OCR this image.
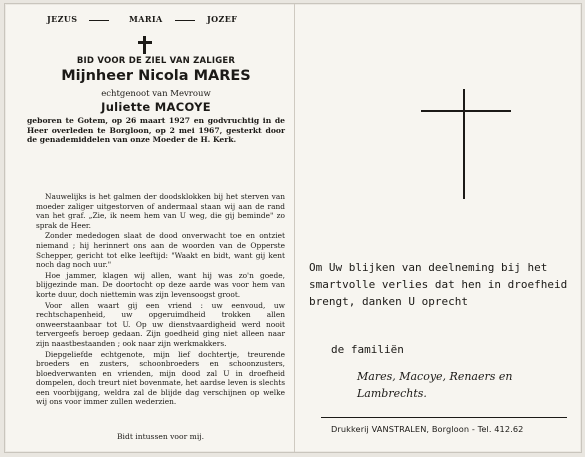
JEZUS	MARIA	JOZEF
BID VOOR DE ZIEL VAN ZALIGER
Mijnheer Nicola MARES
echtgenoot van Mevrouw
Juliette MACOYE
geboren te Gotem, op 26 maart 1927 en godvruchtig in de Heer overleden te Borgloon, op 2 mei 1967, gesterkt door de genademiddelen van onze Moeder de H. Kerk.

Nauwelijks is het galmen der doodsklokken bij het sterven van moeder zaliger uitgestorven of andermaal staan wij aan de rand van het graf. „Zie, ik neem hem van U weg, die gij beminde" zo sprak de Heer.

Zonder mededogen slaat de dood onverwacht toe en ontziet niemand ; hij herinnert ons aan de woorden van de Opperste Schepper, gericht tot elke leeftijd: "Waakt en bidt, want gij kent noch dag noch uur."

Hoe jammer, klagen wij allen, want hij was zo'n goede, blijgezinde man. De doortocht op deze aarde was voor hem van korte duur, doch niettemin was zijn levensoogst groot.

Voor allen waart gij een vriend : uw eenvoud, uw rechtschapenheid, uw opgeruimdheid trokken allen onweerstaanbaar tot U. Op uw dienstvaardigheid werd nooit tervergeefs beroep gedaan. Zijn goedheid ging niet alleen naar zijn naastbestaanden ; ook naar zijn werkmakkers.

Diepgeliefde echtgenote, mijn lief dochtertje, treurende broeders en zusters, schoonbroeders en schoonzusters, bloedverwanten en vrienden, mijn dood zal U in droefheid dompelen, doch treurt niet bovenmate, het aardse leven is slechts een voorbijgang, weldra zal de blijde dag verschijnen op welke wij ons voor immer zullen wederzien.

Bidt intussen voor mij.
Om Uw blijken van deelneming bij het smartvolle verlies dat hen in droefheid brengt, danken U oprecht
de familiën
Mares, Macoye, Renaers en Lambrechts.
Drukkerij VANSTRALEN, Borgloon - Tel. 412.62
